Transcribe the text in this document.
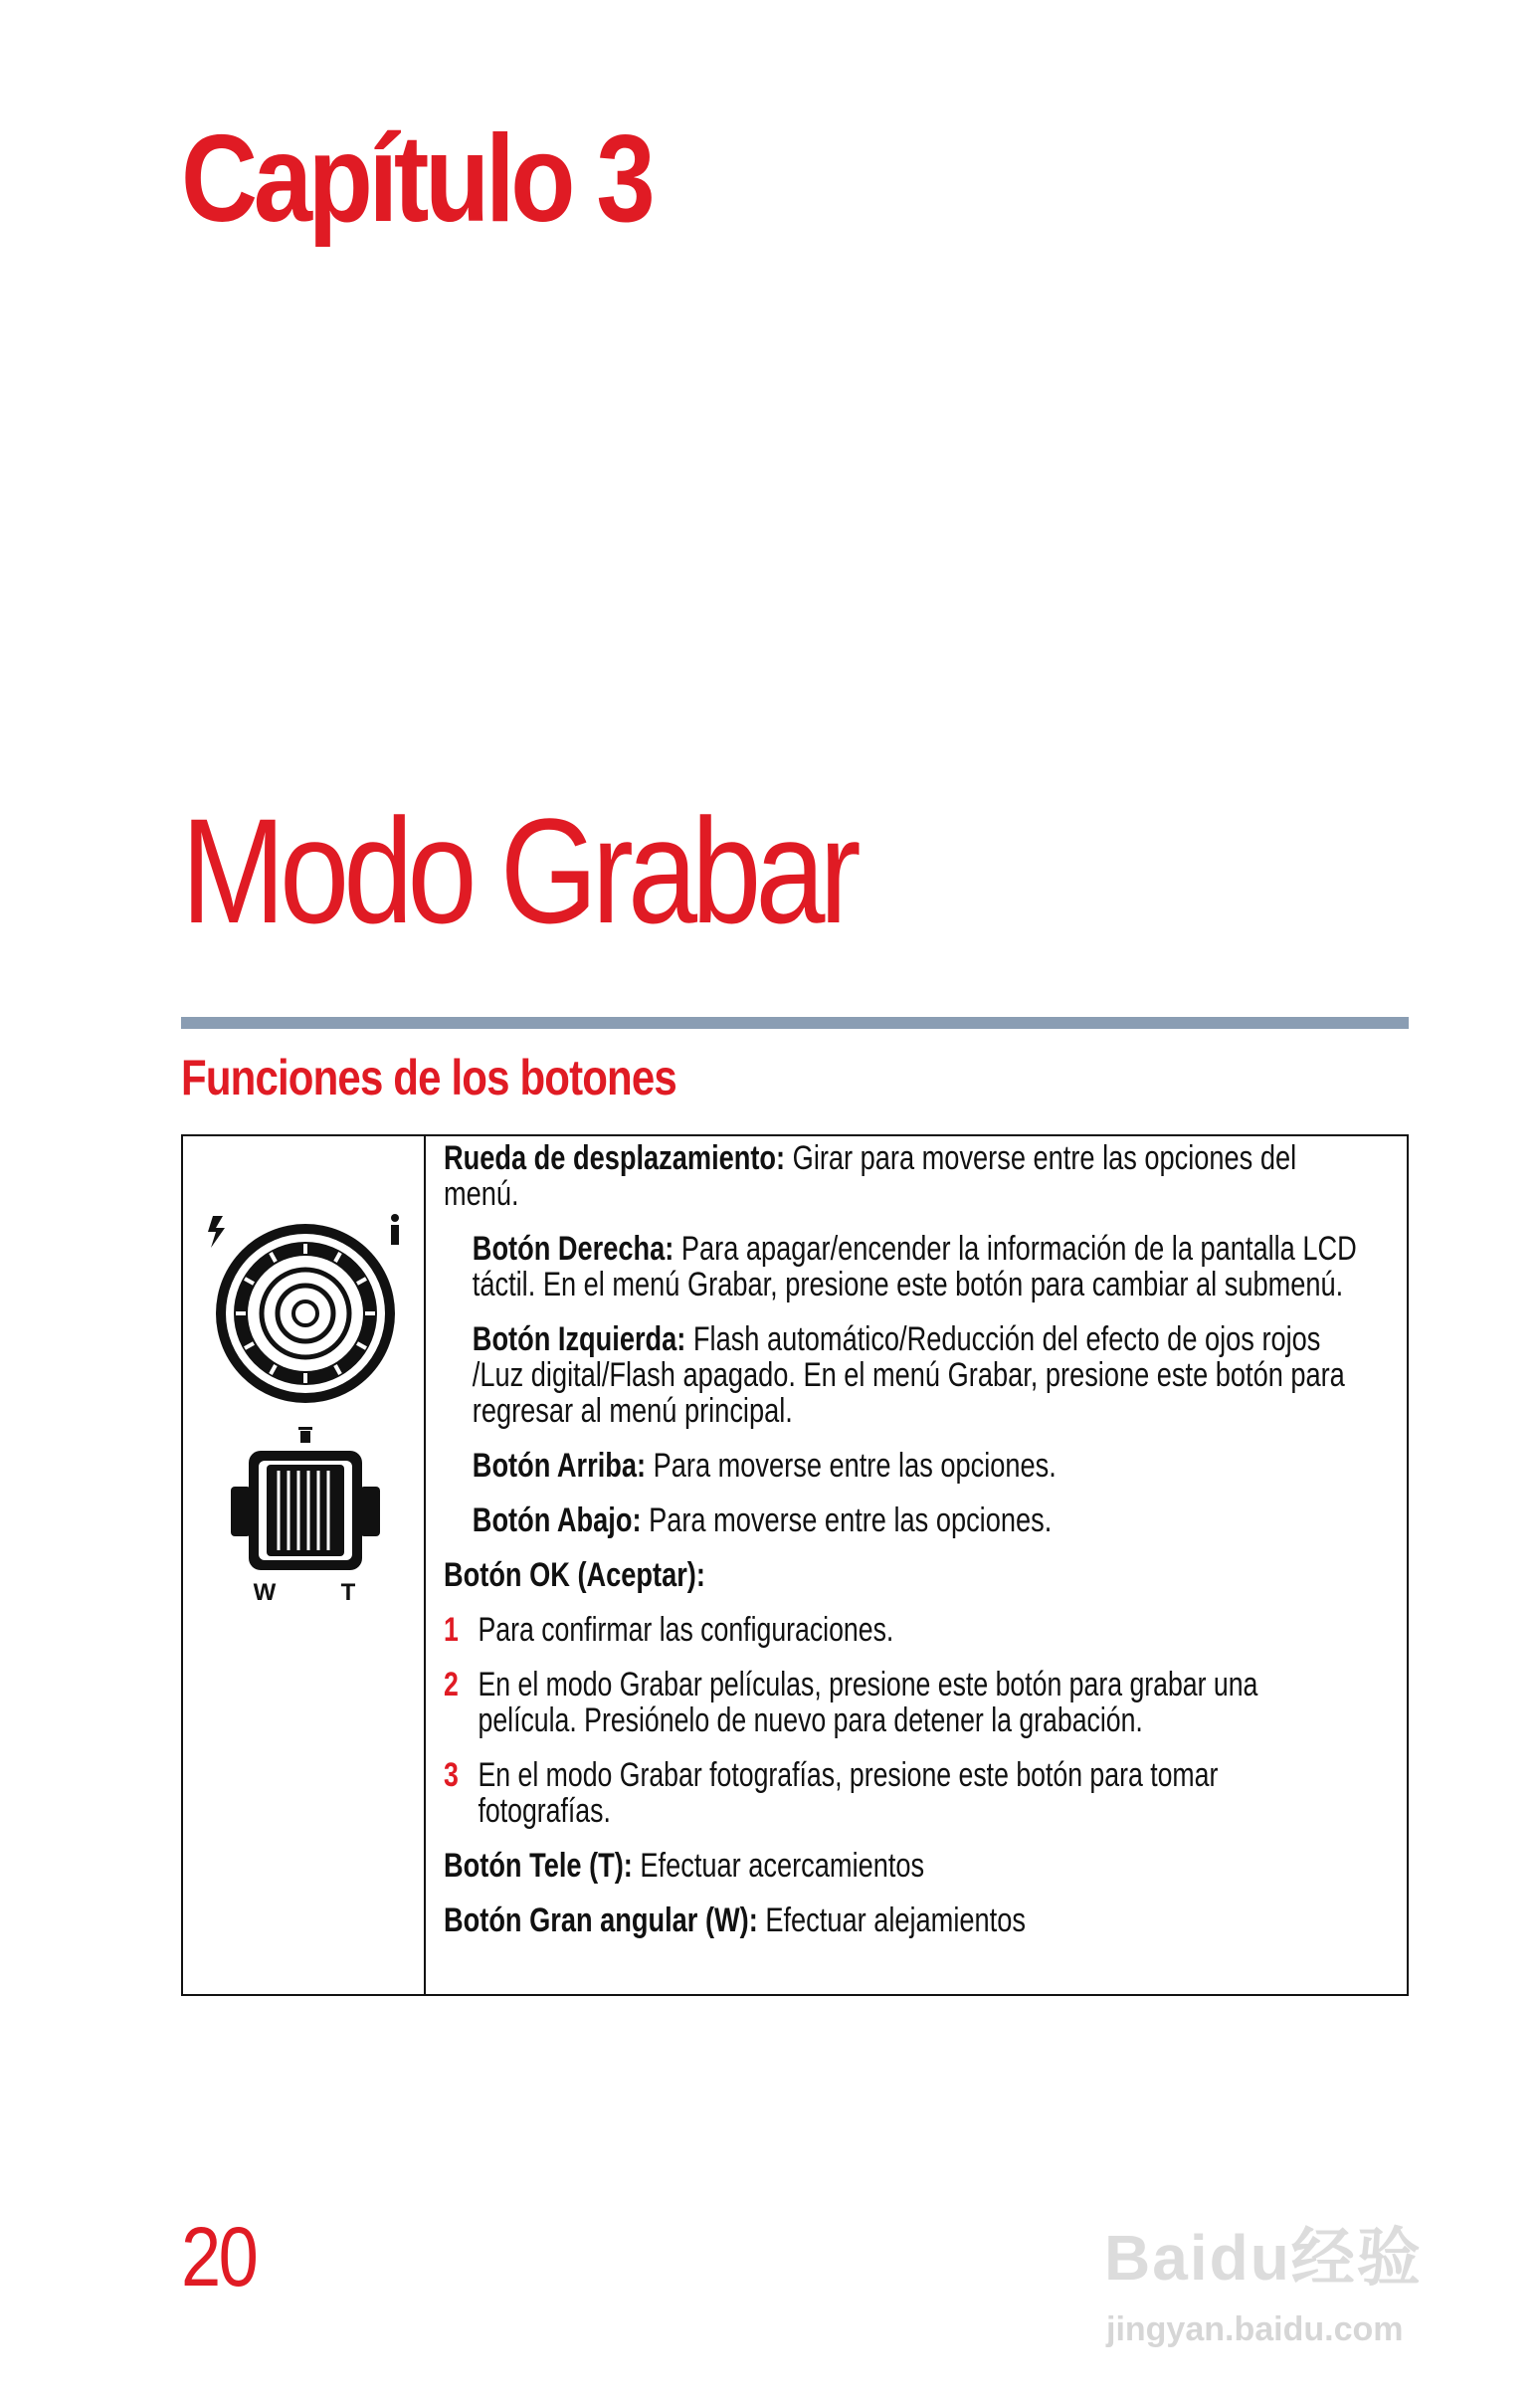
Capítulo 3
Modo Grabar
Funciones de los botones
W	T

Rueda de desplazamiento: Girar para moverse entre las opciones del menú.

Botón Derecha: Para apagar/encender la información de la pantalla LCD táctil. En el menú Grabar, presione este botón para cambiar al submenú.

Botón Izquierda: Flash automático/Reducción del efecto de ojos rojos /Luz digital/Flash apagado. En el menú Grabar, presione este botón para regresar al menú principal.

Botón Arriba: Para moverse entre las opciones.

Botón Abajo: Para moverse entre las opciones.

Botón OK (Aceptar):

1 Para confirmar las configuraciones.
2 En el modo Grabar películas, presione este botón para grabar una película. Presiónelo de nuevo para detener la grabación.
3 En el modo Grabar fotografías, presione este botón para tomar fotografías.

Botón Tele (T): Efectuar acercamientos

Botón Gran angular (W): Efectuar alejamientos

20	Baidu经验
jingyan.baidu.com
